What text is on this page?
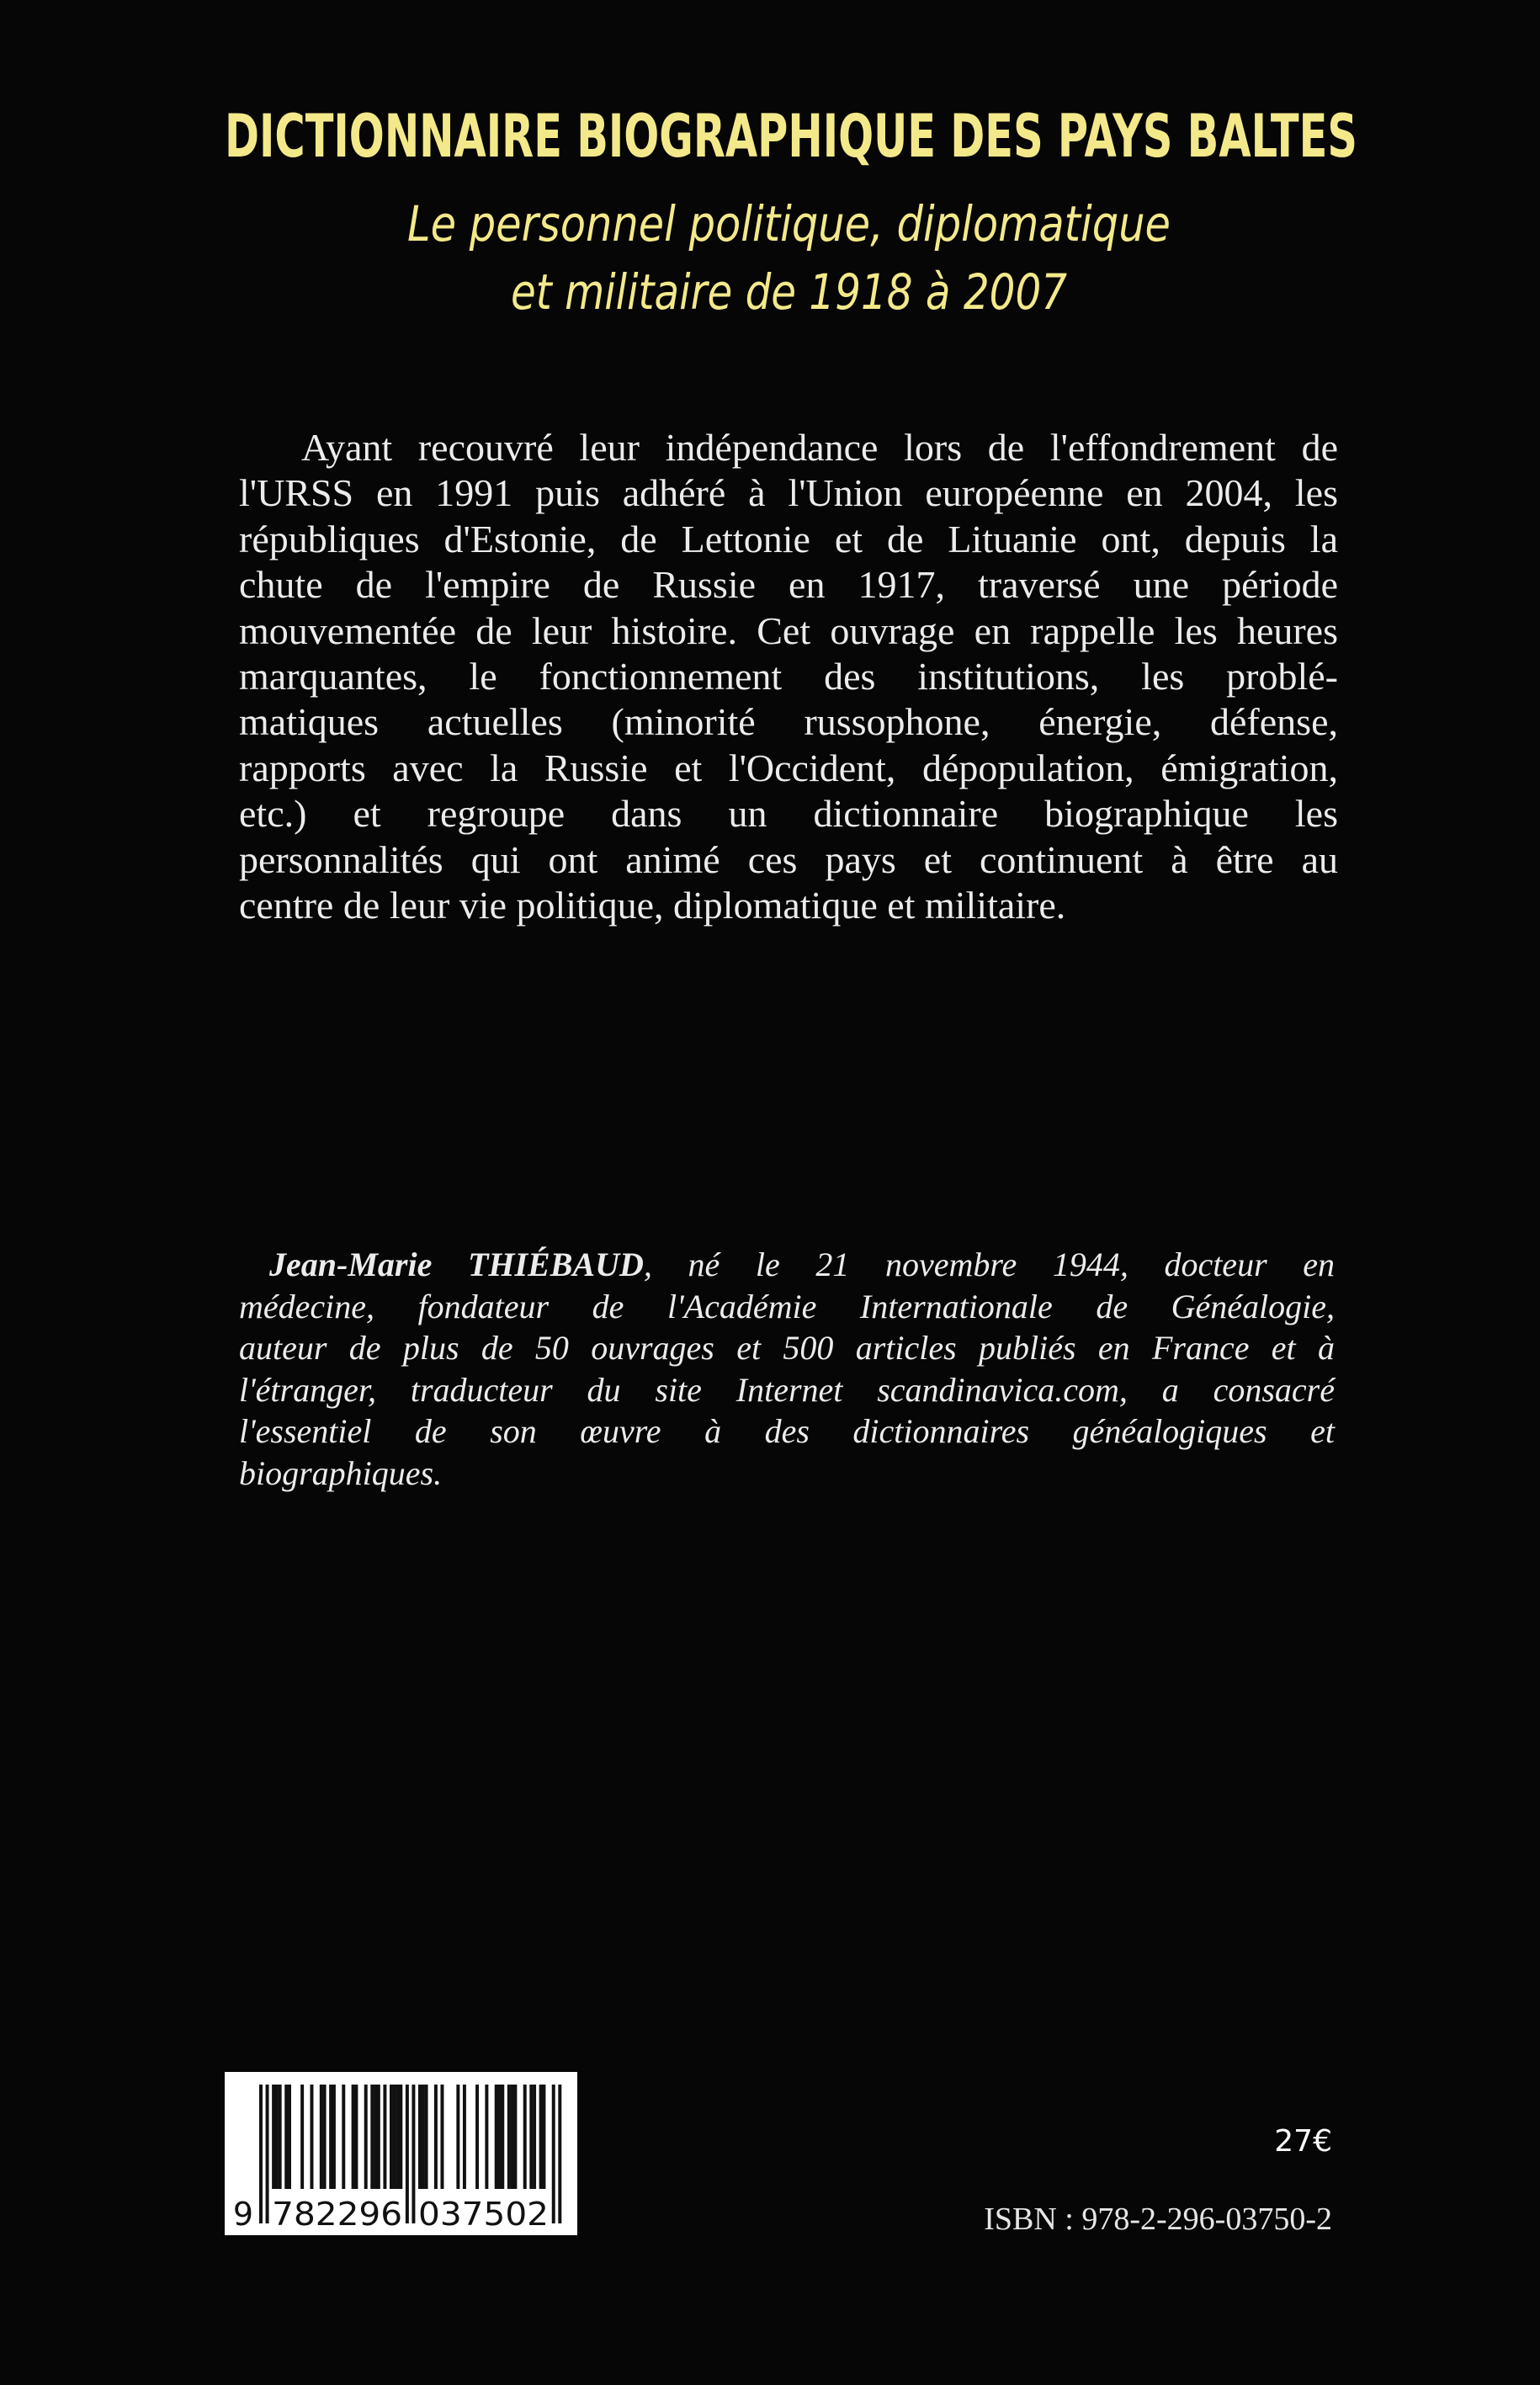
DICTIONNAIRE BIOGRAPHIQUE DES PAYS BALTES
Le personnel politique, diplomatique
et militaire de 1918 à 2007
Ayant recouvré leur indépendance lors de l'effondrement de
l'URSS en 1991 puis adhéré à l'Union européenne en 2004, les
républiques d'Estonie, de Lettonie et de Lituanie ont, depuis la
chute de l'empire de Russie en 1917, traversé une période
mouvementée de leur histoire. Cet ouvrage en rappelle les heures
marquantes, le fonctionnement des institutions, les problé-
matiques actuelles (minorité russophone, énergie, défense,
rapports avec la Russie et l'Occident, dépopulation, émigration,
etc.) et regroupe dans un dictionnaire biographique les
personnalités qui ont animé ces pays et continuent à être au
centre de leur vie politique, diplomatique et militaire.
Jean-Marie THIÉBAUD, né le 21 novembre 1944, docteur en
médecine, fondateur de l'Académie Internationale de Généalogie,
auteur de plus de 50 ouvrages et 500 articles publiés en France et à
l'étranger, traducteur du site Internet scandinavica.com, a consacré
l'essentiel de son œuvre à des dictionnaires généalogiques et
biographiques.
9 782296 037502
27€
ISBN : 978-2-296-03750-2
